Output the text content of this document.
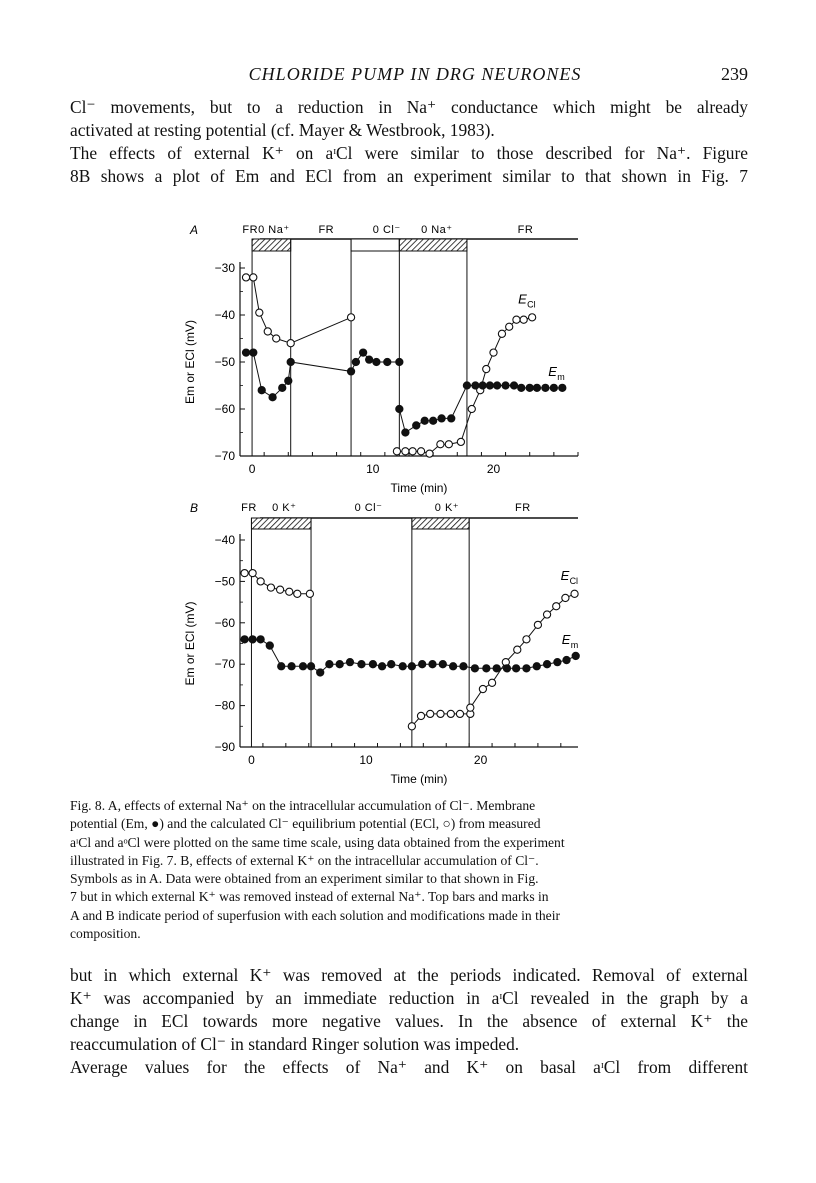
CHLORIDE PUMP IN DRG NEURONES	239
Cl⁻ movements, but to a reduction in Na⁺ conductance which might be already
activated at resting potential (cf. Mayer & Westbrook, 1983).
The effects of external K⁺ on aᶦCl were similar to those described for Na⁺. Figure
8B shows a plot of Em and ECl from an experiment similar to that shown in Fig. 7
A	FR 0 Na⁺	FR	0 Cl⁻ 0 Na⁺	FR
−30
−40
−50
−60
−70
0	10	20
Time (min)
Em or ECl (mV)
E Cl
E m
B	FR 0 K⁺	0 Cl⁻	0 K⁺	FR
−40
−50
−60
−70
−80
−90
0	10	20
Time (min)
Em or ECl (mV)
E Cl
E m
Fig. 8. A, effects of external Na⁺ on the intracellular accumulation of Cl⁻. Membrane
potential (Em, ●) and the calculated Cl⁻ equilibrium potential (ECl, ○) from measured
aᶦCl and aᵒCl were plotted on the same time scale, using data obtained from the experiment
illustrated in Fig. 7. B, effects of external K⁺ on the intracellular accumulation of Cl⁻.
Symbols as in A. Data were obtained from an experiment similar to that shown in Fig.
7 but in which external K⁺ was removed instead of external Na⁺. Top bars and marks in
A and B indicate period of superfusion with each solution and modifications made in their
composition.
but in which external K⁺ was removed at the periods indicated. Removal of external
K⁺ was accompanied by an immediate reduction in aᶦCl revealed in the graph by a
change in ECl towards more negative values. In the absence of external K⁺ the
reaccumulation of Cl⁻ in standard Ringer solution was impeded.
Average values for the effects of Na⁺ and K⁺ on basal aᶦCl from different
